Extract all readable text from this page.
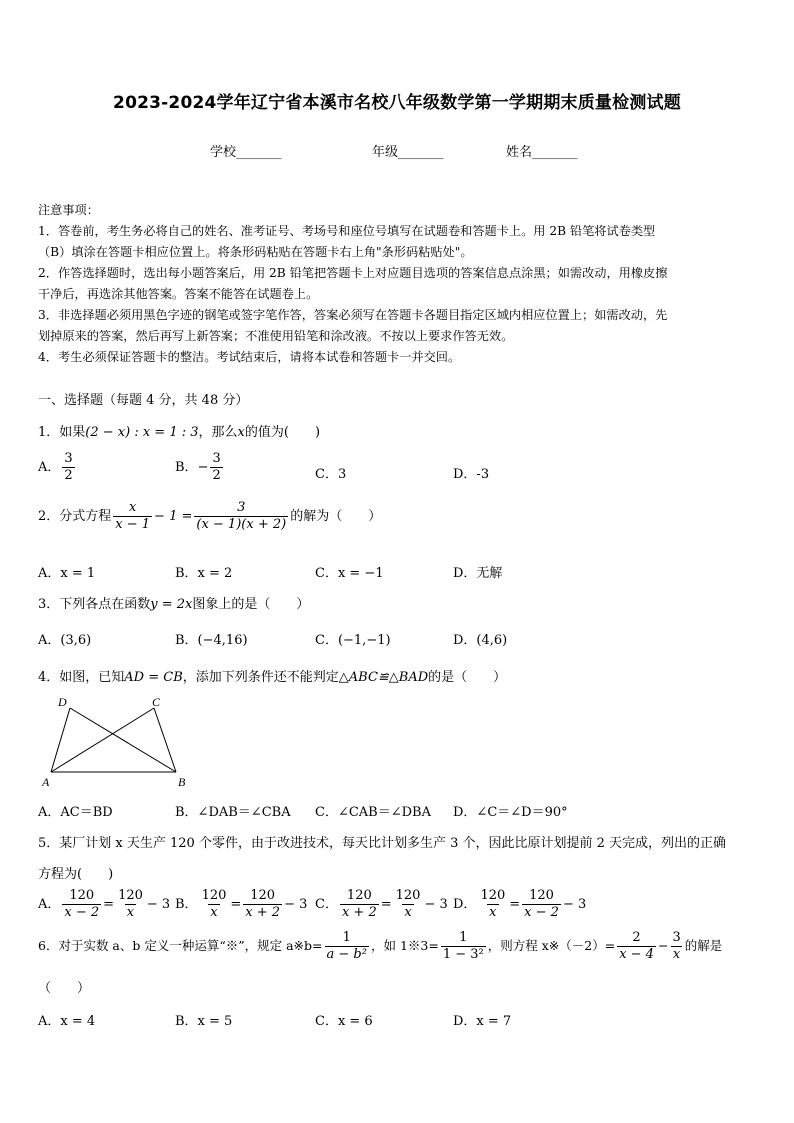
2023-2024学年辽宁省本溪市名校八年级数学第一学期期末质量检测试题
学校_______	年级_______	姓名_______
注意事项：
1．答卷前，考生务必将自己的姓名、准考证号、考场号和座位号填写在试题卷和答题卡上。用 2B 铅笔将试卷类型
（B）填涂在答题卡相应位置上。将条形码粘贴在答题卡右上角"条形码粘贴处"。
2．作答选择题时，选出每小题答案后，用 2B 铅笔把答题卡上对应题目选项的答案信息点涂黑；如需改动，用橡皮擦
干净后，再选涂其他答案。答案不能答在试题卷上。
3．非选择题必须用黑色字迹的钢笔或签字笔作答，答案必须写在答题卡各题目指定区域内相应位置上；如需改动，先
划掉原来的答案，然后再写上新答案；不准使用铅笔和涂改液。不按以上要求作答无效。
4．考生必须保证答题卡的整洁。考试结束后，请将本试卷和答题卡一并交回。
一、选择题（每题 4 分，共 48 分）
1．如果(2 − x) : x = 1 : 3，那么x的值为(　　)
A． $\frac{3}{2}$	B．− $\frac{3}{2}$	C．3	D．-3
2．分式方程 $\frac{x}{x - 1} - 1 = \frac{3}{(x - 1)(x + 2)}$ 的解为（　　）
A．x = 1	B．x = 2	C．x = −1	D．无解
3．下列各点在函数y = 2x图象上的是（　　）
A．(3,6)	B．(−4,16)	C．(−1,−1)	D．(4,6)
4．如图，已知AD = CB，添加下列条件还不能判定△ABC≌△BAD的是（　　）
D	C
A	B
A．AC＝BD	B．∠DAB＝∠CBA C．∠CAB＝∠DBA D．∠C＝∠D＝90°
5．某厂计划 x 天生产 120 个零件，由于改进技术，每天比计划多生产 3 个，因此比原计划提前 2 天完成，列出的正确
方程为(　　)
A． $\frac{120}{x - 2} = \frac{120}{x} - 3$ B． $\frac{120}{x} = \frac{120}{x + 2} - 3$ C． $\frac{120}{x + 2} = \frac{120}{x} - 3$ D． $\frac{120}{x} = \frac{120}{x - 2} - 3$
6．对于实数 a、b 定义一种运算“※”，规定 a※b= $\frac{1}{\text{a − b²}}$ ，如 1※3= $\frac{1}{\text{1 − 3²}}$ ，则方程 x※（－2）= $\frac{2}{x - 4} - \frac{3}{x}$ 的解是
（　　）
A．x = 4	B．x = 5	C．x = 6	D．x = 7
